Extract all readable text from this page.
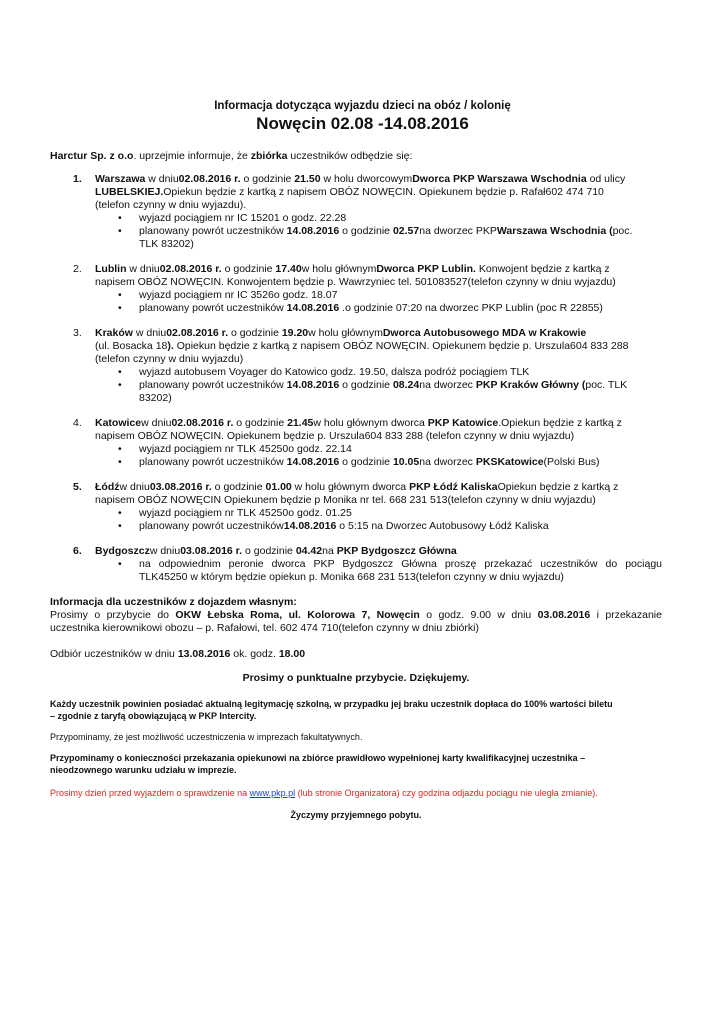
Informacja dotycząca wyjazdu dzieci na obóz / kolonię
Nowęcin 02.08 -14.08.2016
Harctur Sp. z o.o. uprzejmie informuje, że zbiórka uczestników odbędzie się:
1. Warszawa w dniu02.08.2016 r. o godzinie 21.50 w holu dworcowymDworca PKP Warszawa Wschodnia od ulicy
LUBELSKIEJ.Opiekun będzie z kartką z napisem OBÓZ NOWĘCIN. Opiekunem będzie p. Rafał602 474 710
(telefon czynny w dniu wyjazdu).
• wyjazd pociągiem nr IC 15201 o godz. 22.28
• planowany powrót uczestników 14.08.2016 o godzinie 02.57na dworzec PKPWarszawa Wschodnia (poc.
TLK 83202)
2. Lublin w dniu02.08.2016 r. o godzinie 17.40w holu głównymDworca PKP Lublin. Konwojent będzie z kartką z
napisem OBÓZ NOWĘCIN. Konwojentem będzie p. Wawrzyniec tel. 501083527(telefon czynny w dniu wyjazdu)
• wyjazd pociągiem nr IC 3526o godz. 18.07
• planowany powrót uczestników 14.08.2016 .o godzinie 07:20 na dworzec PKP Lublin (poc R 22855)
3. Kraków w dniu02.08.2016 r. o godzinie 19.20w holu głównymDworca Autobusowego MDA w Krakowie
(ul. Bosacka 18). Opiekun będzie z kartką z napisem OBÓZ NOWĘCIN. Opiekunem będzie p. Urszula604 833 288
(telefon czynny w dniu wyjazdu)
• wyjazd autobusem Voyager do Katowico godz. 19.50, dalsza podróż pociągiem TLK
• planowany powrót uczestników 14.08.2016 o godzinie 08.24na dworzec PKP Kraków Główny (poc. TLK
83202)
4. Katowicew dniu02.08.2016 r. o godzinie 21.45w holu głównym dworca PKP Katowice.Opiekun będzie z kartką z
napisem OBÓZ NOWĘCIN. Opiekunem będzie p. Urszula604 833 288 (telefon czynny w dniu wyjazdu)
• wyjazd pociągiem nr TLK 45250o godz. 22.14
• planowany powrót uczestników 14.08.2016 o godzinie 10.05na dworzec PKSKatowice(Polski Bus)
5. Łódźw dniu03.08.2016 r. o godzinie 01.00 w holu głównym dworca PKP Łódź KaliskaOpiekun będzie z kartką z
napisem OBÓZ NOWĘCIN Opiekunem będzie p Monika nr tel. 668 231 513(telefon czynny w dniu wyjazdu)
• wyjazd pociągiem nr TLK 45250o godz. 01.25
• planowany powrót uczestników14.08.2016 o 5:15 na Dworzec Autobusowy Łódź Kaliska
6. Bydgoszczw dniu03.08.2016 r. o godzinie 04.42na PKP Bydgoszcz Główna
• na odpowiednim peronie dworca PKP Bydgoszcz Główna proszę przekazać uczestników do pociągu
TLK45250 w którym będzie opiekun p. Monika 668 231 513(telefon czynny w dniu wyjazdu)
Informacja dla uczestników z dojazdem własnym:
Prosimy o przybycie do OKW Łebska Roma, ul. Kolorowa 7, Nowęcin o godz. 9.00 w dniu 03.08.2016 i przekazanie
uczestnika kierownikowi obozu – p. Rafałowi, tel. 602 474 710(telefon czynny w dniu zbiórki)
Odbiór uczestników w dniu 13.08.2016 ok. godz. 18.00
Prosimy o punktualne przybycie. Dziękujemy.
Każdy uczestnik powinien posiadać aktualną legitymację szkolną, w przypadku jej braku uczestnik dopłaca do 100% wartości biletu
– zgodnie z taryfą obowiązującą w PKP Intercity.
Przypominamy, że jest możliwość uczestniczenia w imprezach fakultatywnych.
Przypominamy o konieczności przekazania opiekunowi na zbiórce prawidłowo wypełnionej karty kwalifikacyjnej uczestnika –
nieodzownego warunku udziału w imprezie.
Prosimy dzień przed wyjazdem o sprawdzenie na www.pkp.pl (lub stronie Organizatora) czy godzina odjazdu pociągu nie uległa zmianie).
Życzymy przyjemnego pobytu.
